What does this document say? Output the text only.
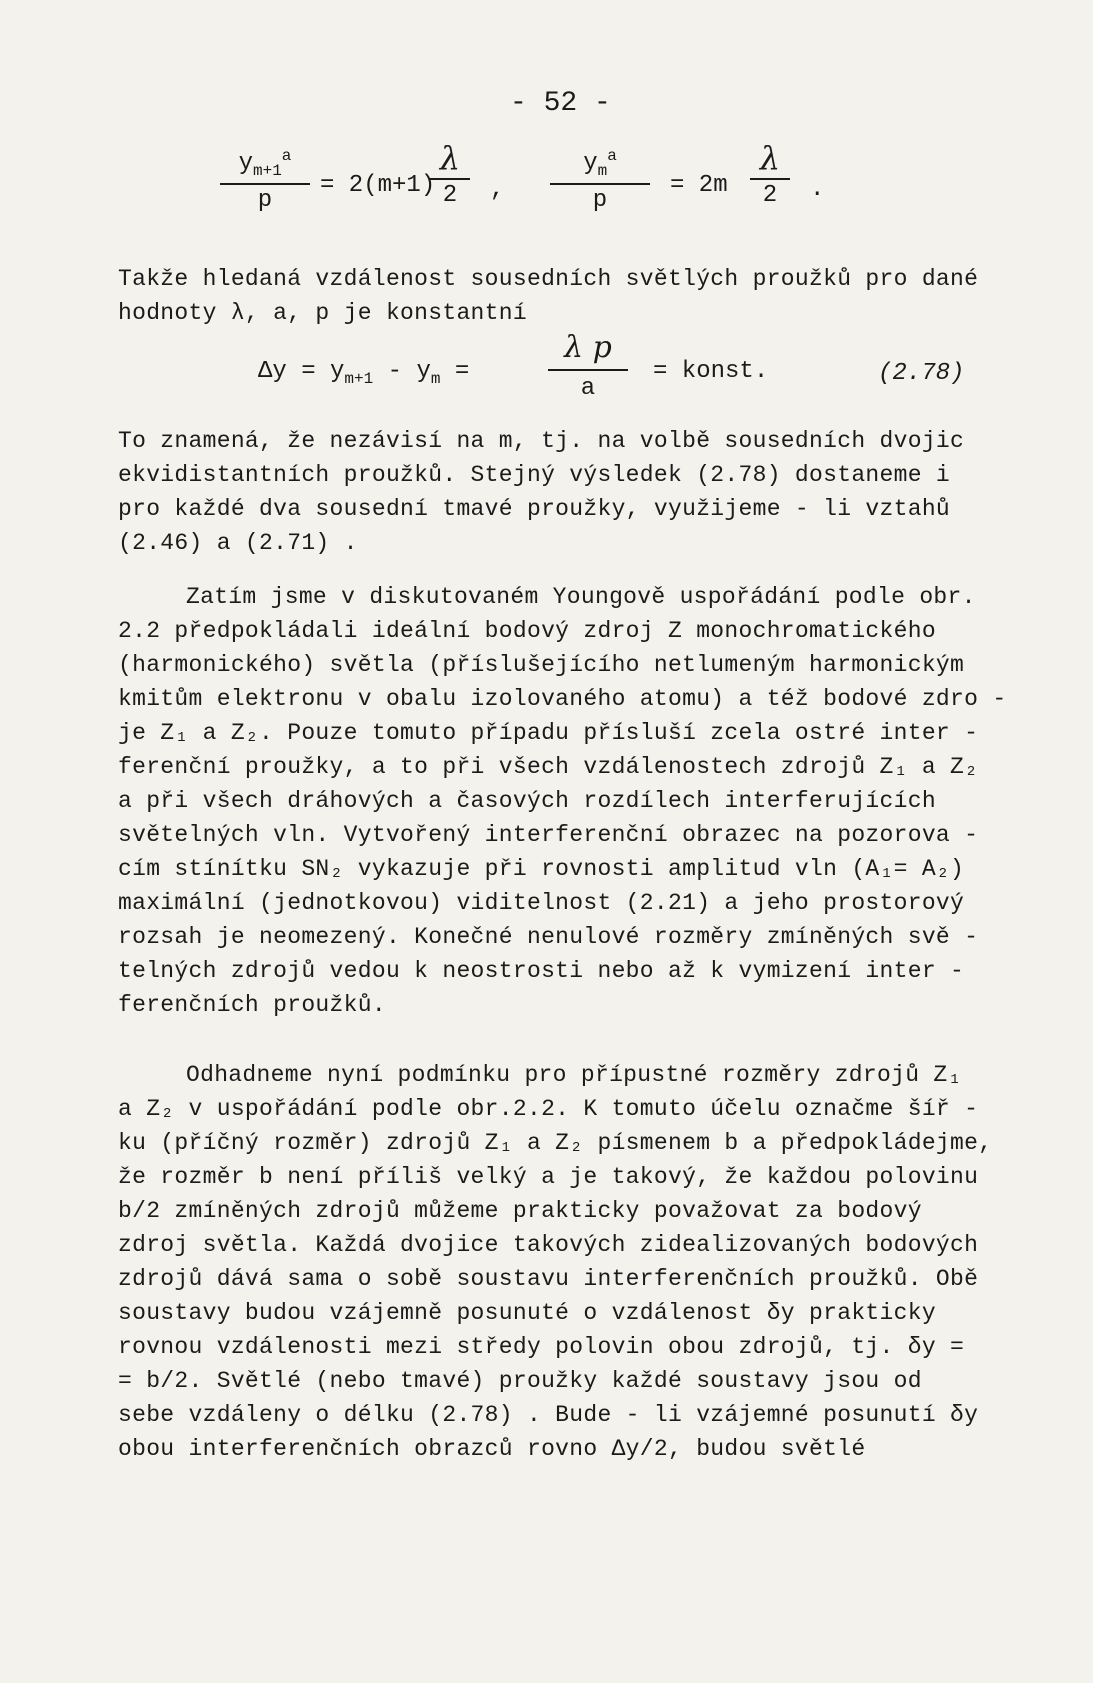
- 52 -
$\frac{y_{m+1}^a}{p} = 2(m+1)$
λ
2	,
$y_m^a$
p
= 2m
λ
2	.
Takže hledaná vzdálenost sousedních světlých proužků pro dané
hodnoty λ, a, p je konstantní
$\Delta y = y_{m+1} - y_m$ =
λ p
a
= konst.	(2.78)
To znamená, že nezávisí na m, tj. na volbě sousedních dvojic
ekvidistantních proužků. Stejný výsledek (2.78) dostaneme i
pro každé dva sousední tmavé proužky, využijeme - li vztahů
(2.46) a (2.71) .
Zatím jsme v diskutovaném Youngově uspořádání podle obr.
2.2 předpokládali ideální bodový zdroj Z monochromatického
(harmonického) světla (příslušejícího netlumeným harmonickým
kmitům elektronu v obalu izolovaného atomu) a též bodové zdro -
je Z₁ a Z₂. Pouze tomuto případu přísluší zcela ostré inter -
ferenční proužky, a to při všech vzdálenostech zdrojů Z₁ a Z₂
a při všech dráhových a časových rozdílech interferujících
světelných vln. Vytvořený interferenční obrazec na pozorova -
cím stínítku SN₂ vykazuje při rovnosti amplitud vln (A₁= A₂)
maximální (jednotkovou) viditelnost (2.21) a jeho prostorový
rozsah je neomezený. Konečné nenulové rozměry zmíněných svě -
telných zdrojů vedou k neostrosti nebo až k vymizení inter -
ferenčních proužků.
Odhadneme nyní podmínku pro přípustné rozměry zdrojů Z₁
a Z₂ v uspořádání podle obr.2.2. K tomuto účelu označme šíř -
ku (příčný rozměr) zdrojů Z₁ a Z₂ písmenem b a předpokládejme,
že rozměr b není příliš velký a je takový, že každou polovinu
b/2 zmíněných zdrojů můžeme prakticky považovat za bodový
zdroj světla. Každá dvojice takových zidealizovaných bodových
zdrojů dává sama o sobě soustavu interferenčních proužků. Obě
soustavy budou vzájemně posunuté o vzdálenost δy prakticky
rovnou vzdálenosti mezi středy polovin obou zdrojů, tj. δy =
= b/2. Světlé (nebo tmavé) proužky každé soustavy jsou od
sebe vzdáleny o délku (2.78) . Bude - li vzájemné posunutí δy
obou interferenčních obrazců rovno Δy/2, budou světlé
